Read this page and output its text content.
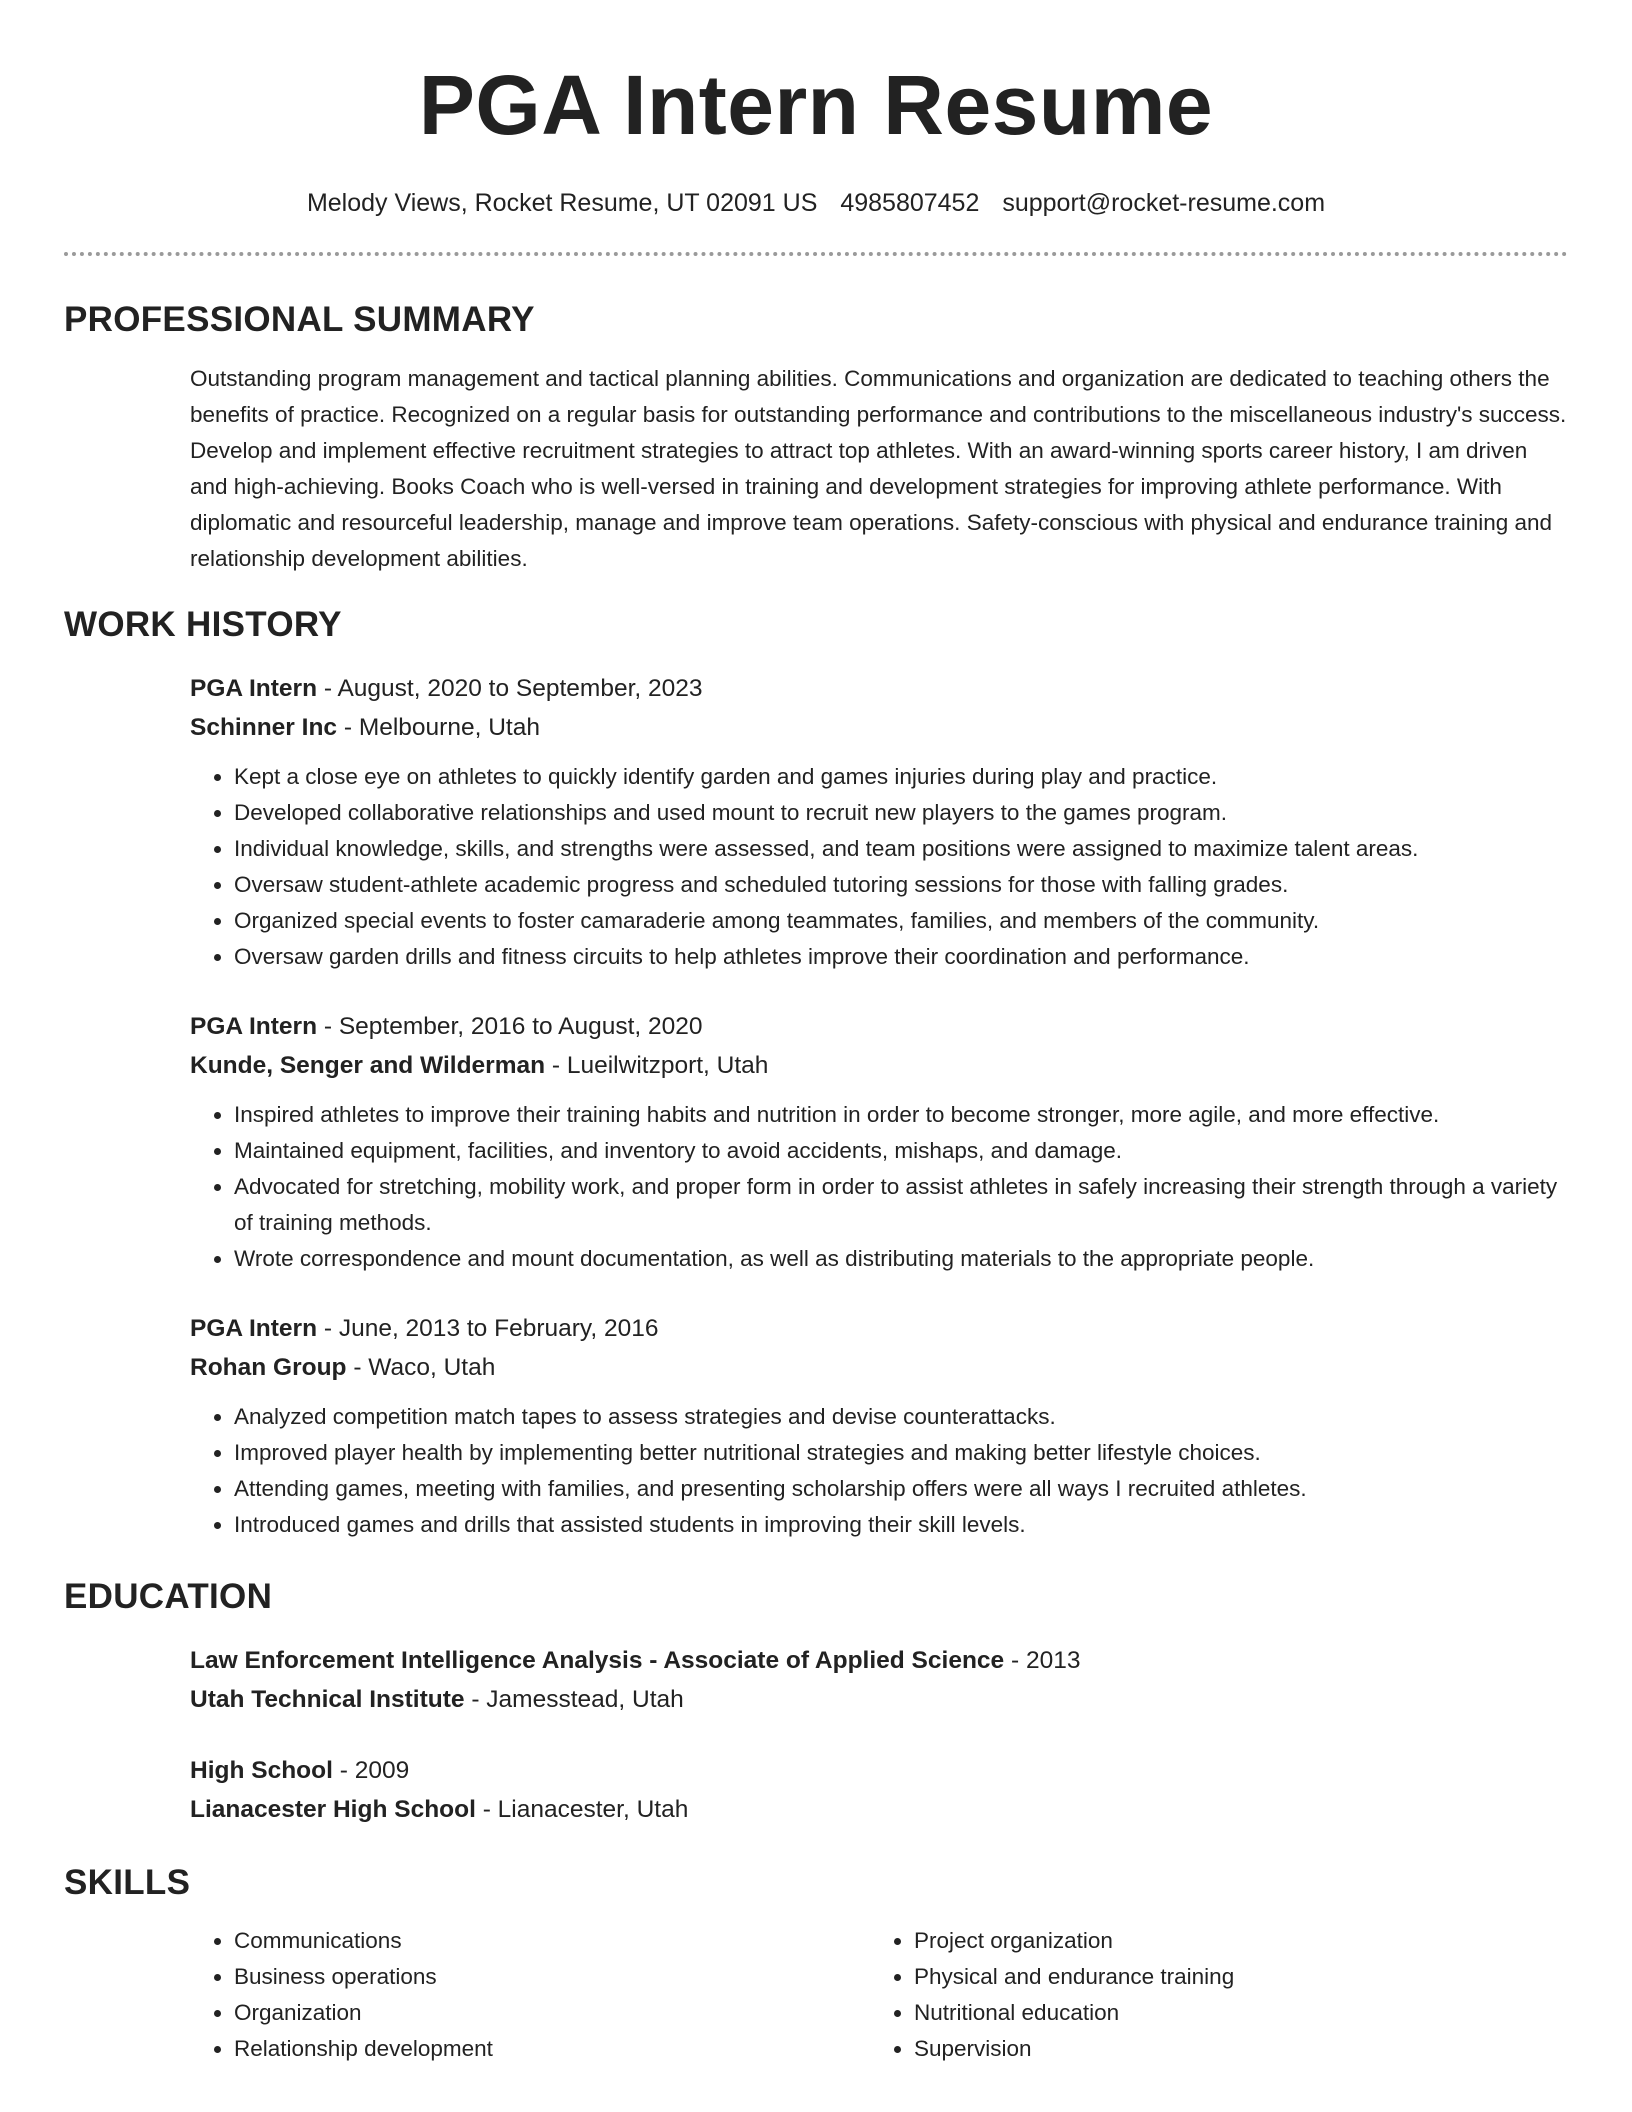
PGA Intern Resume
Melody Views, Rocket Resume, UT 02091 US 4985807452 support@rocket-resume.com
PROFESSIONAL SUMMARY
Outstanding program management and tactical planning abilities. Communications and organization are dedicated to teaching others the benefits of practice. Recognized on a regular basis for outstanding performance and contributions to the miscellaneous industry's success. Develop and implement effective recruitment strategies to attract top athletes. With an award-winning sports career history, I am driven and high-achieving. Books Coach who is well-versed in training and development strategies for improving athlete performance. With diplomatic and resourceful leadership, manage and improve team operations. Safety-conscious with physical and endurance training and relationship development abilities.
WORK HISTORY
PGA Intern - August, 2020 to September, 2023
Schinner Inc - Melbourne, Utah
• Kept a close eye on athletes to quickly identify garden and games injuries during play and practice.
• Developed collaborative relationships and used mount to recruit new players to the games program.
• Individual knowledge, skills, and strengths were assessed, and team positions were assigned to maximize talent areas.
• Oversaw student-athlete academic progress and scheduled tutoring sessions for those with falling grades.
• Organized special events to foster camaraderie among teammates, families, and members of the community.
• Oversaw garden drills and fitness circuits to help athletes improve their coordination and performance.
PGA Intern - September, 2016 to August, 2020
Kunde, Senger and Wilderman - Lueilwitzport, Utah
• Inspired athletes to improve their training habits and nutrition in order to become stronger, more agile, and more effective.
• Maintained equipment, facilities, and inventory to avoid accidents, mishaps, and damage.
• Advocated for stretching, mobility work, and proper form in order to assist athletes in safely increasing their strength through a variety of training methods.
• Wrote correspondence and mount documentation, as well as distributing materials to the appropriate people.
PGA Intern - June, 2013 to February, 2016
Rohan Group - Waco, Utah
• Analyzed competition match tapes to assess strategies and devise counterattacks.
• Improved player health by implementing better nutritional strategies and making better lifestyle choices.
• Attending games, meeting with families, and presenting scholarship offers were all ways I recruited athletes.
• Introduced games and drills that assisted students in improving their skill levels.
EDUCATION
Law Enforcement Intelligence Analysis - Associate of Applied Science - 2013
Utah Technical Institute - Jamesstead, Utah
High School - 2009
Lianacester High School - Lianacester, Utah
SKILLS
• Communications
• Business operations
• Organization
• Relationship development
• Project organization
• Physical and endurance training
• Nutritional education
• Supervision
